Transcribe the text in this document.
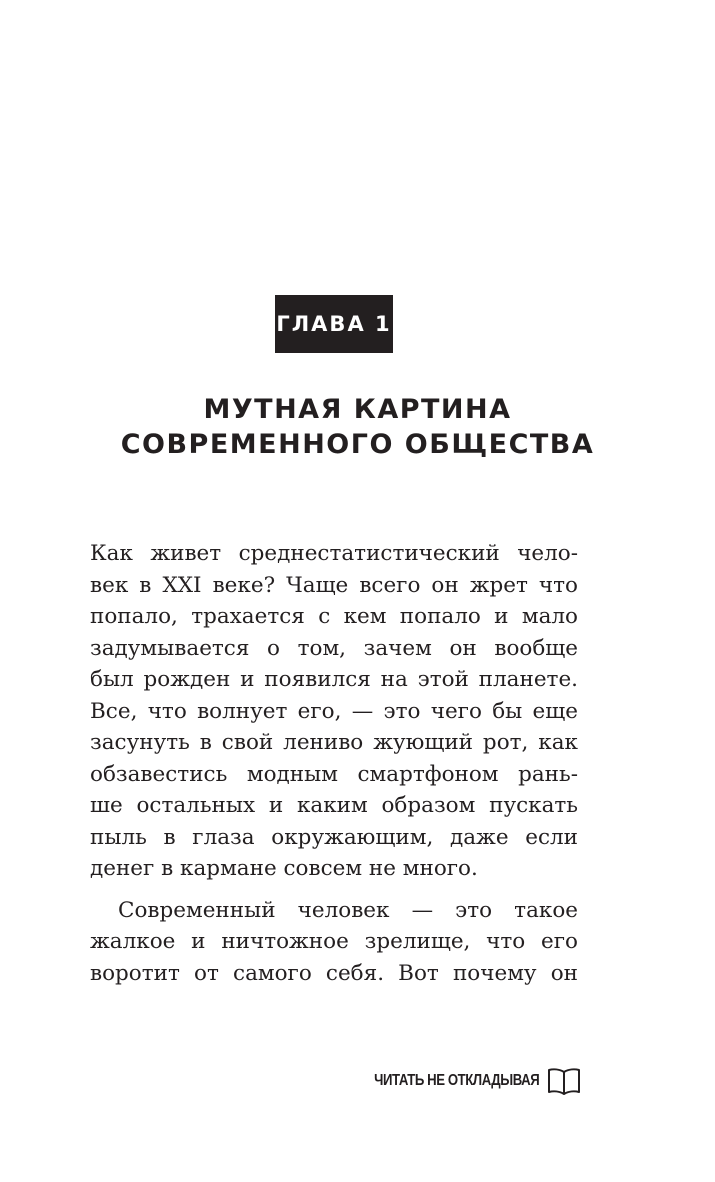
ГЛАВА 1
МУТНАЯ КАРТИНА
СОВРЕМЕННОГО ОБЩЕСТВА

Как живет среднестатистический чело-
век в XXI веке? Чаще всего он жрет что
попало, трахается с кем попало и мало
задумывается о том, зачем он вообще
был рожден и появился на этой планете.
Все, что волнует его, — это чего бы еще
засунуть в свой лениво жующий рот, как
обзавестись модным смартфоном рань-
ше остальных и каким образом пускать
пыль в глаза окружающим, даже если
денег в кармане совсем не много.

Современный человек — это такое
жалкое и ничтожное зрелище, что его
воротит от самого себя. Вот почему он

ЧИТАТЬ НЕ ОТКЛАДЫВАЯ
